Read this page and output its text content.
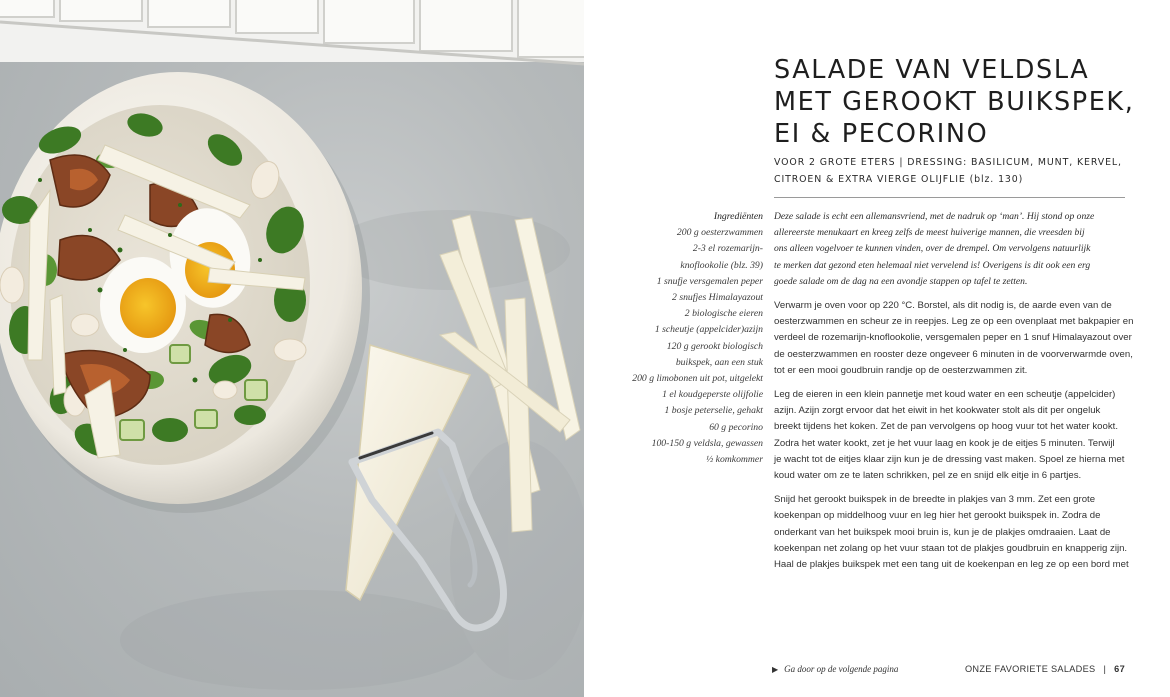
SALADE VAN VELDSLA
MET GEROOKT BUIKSPEK,
EI & PECORINO
VOOR 2 GROTE ETERS | DRESSING: BASILICUM, MUNT, KERVEL,
CITROEN & EXTRA VIERGE OLIJFLIE (blz. 130)
Ingrediënten
200 g oesterzwammen
2-3 el rozemarijn-
knoflookolie (blz. 39)
1 snufje versgemalen peper
2 snufjes Himalayazout
2 biologische eieren
1 scheutje (appelcider)azijn
120 g gerookt biologisch
buikspek, aan een stuk
200 g limobonen uit pot, uitgelekt
1 el koudgeperste olijfolie
1 bosje peterselie, gehakt
60 g pecorino
100-150 g veldsla, gewassen
½ komkommer

Deze salade is echt een allemansvriend, met de nadruk op ‘man’. Hij stond op onze
allereerste menukaart en kreeg zelfs de meest huiverige mannen, die vreesden bij
ons alleen vogelvoer te kunnen vinden, over de drempel. Om vervolgens natuurlijk
te merken dat gezond eten helemaal niet vervelend is! Overigens is dit ook een erg
goede salade om de dag na een avondje stappen op tafel te zetten.

Verwarm je oven voor op 220 °C. Borstel, als dit nodig is, de aarde even van de
oesterzwammen en scheur ze in reepjes. Leg ze op een ovenplaat met bakpapier en
verdeel de rozemarijn-knoflookolie, versgemalen peper en 1 snuf Himalayazout over
de oesterzwammen en rooster deze ongeveer 6 minuten in de voorverwarmde oven,
tot er een mooi goudbruin randje op de oesterzwammen zit.

Leg de eieren in een klein pannetje met koud water en een scheutje (appelcider)
azijn. Azijn zorgt ervoor dat het eiwit in het kookwater stolt als dit per ongeluk
breekt tijdens het koken. Zet de pan vervolgens op hoog vuur tot het water kookt.
Zodra het water kookt, zet je het vuur laag en kook je de eitjes 5 minuten. Terwijl
je wacht tot de eitjes klaar zijn kun je de dressing vast maken. Spoel ze hierna met
koud water om ze te laten schrikken, pel ze en snijd elk eitje in 6 partjes.

Snijd het gerookt buikspek in de breedte in plakjes van 3 mm. Zet een grote
koekenpan op middelhoog vuur en leg hier het gerookt buikspek in. Zodra de
onderkant van het buikspek mooi bruin is, kun je de plakjes omdraaien. Laat de
koekenpan net zolang op het vuur staan tot de plakjes goudbruin en knapperig zijn.
Haal de plakjes buikspek met een tang uit de koekenpan en leg ze op een bord met

▶ Ga door op de volgende pagina	ONZE FAVORIETE SALADES | 67
